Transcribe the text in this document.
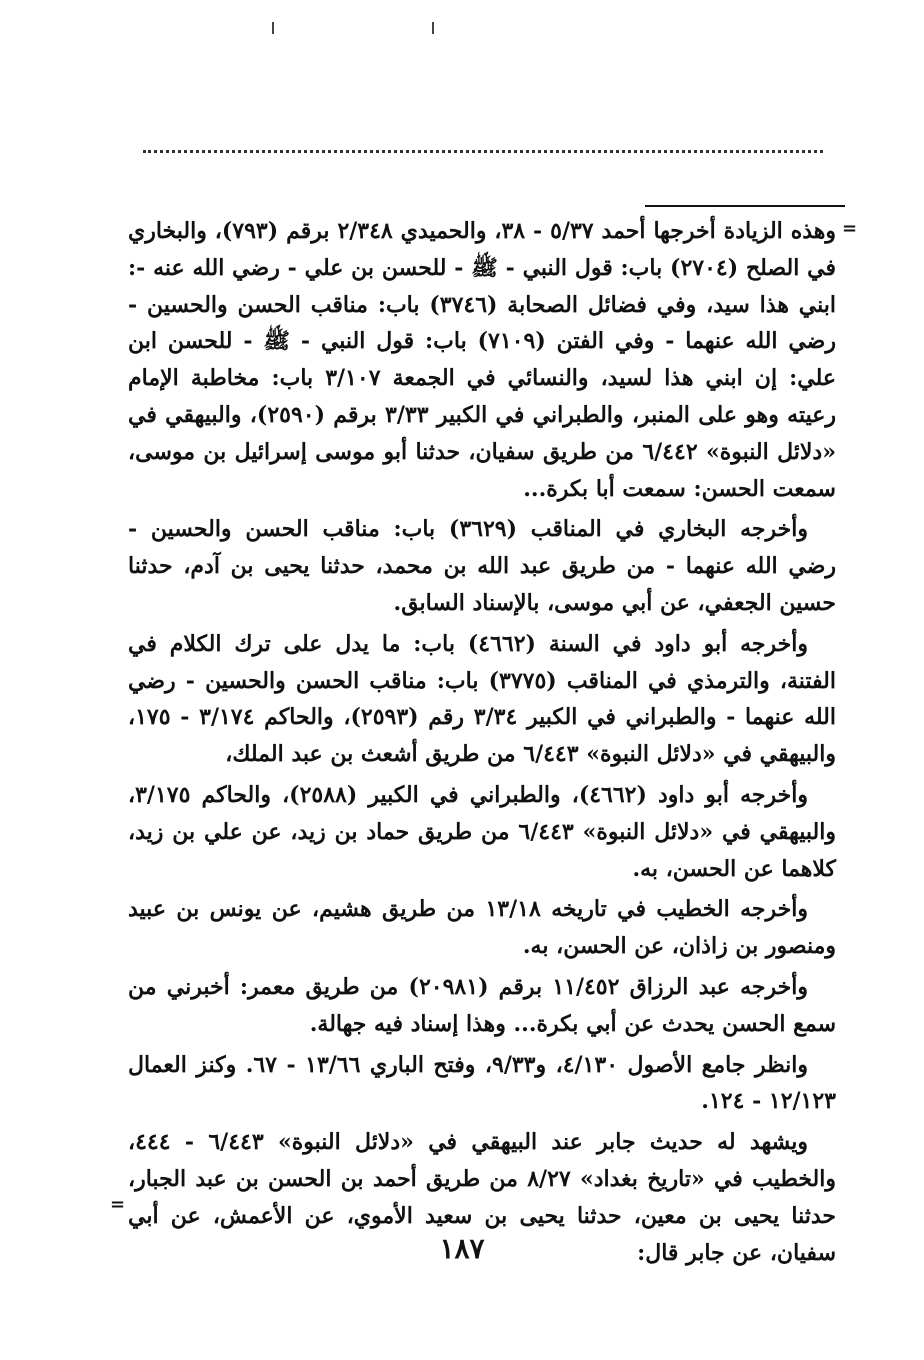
=

وهذه الزيادة أخرجها أحمد ٥/٣٧ - ٣٨، والحميدي ٢/٣٤٨ برقم (٧٩٣)، والبخاري في الصلح (٢٧٠٤) باب: قول النبي - ﷺ - للحسن بن علي - رضي الله عنه -: ابني هذا سيد، وفي فضائل الصحابة (٣٧٤٦) باب: مناقب الحسن والحسين - رضي الله عنهما - وفي الفتن (٧١٠٩) باب: قول النبي - ﷺ - للحسن ابن علي: إن ابني هذا لسيد، والنسائي في الجمعة ٣/١٠٧ باب: مخاطبة الإمام رعيته وهو على المنبر، والطبراني في الكبير ٣/٣٣ برقم (٢٥٩٠)، والبيهقي في «دلائل النبوة» ٦/٤٤٢ من طريق سفيان، حدثنا أبو موسى إسرائيل بن موسى، سمعت الحسن: سمعت أبا بكرة...

وأخرجه البخاري في المناقب (٣٦٢٩) باب: مناقب الحسن والحسين - رضي الله عنهما - من طريق عبد الله بن محمد، حدثنا يحيى بن آدم، حدثنا حسين الجعفي، عن أبي موسى، بالإسناد السابق.

وأخرجه أبو داود في السنة (٤٦٦٢) باب: ما يدل على ترك الكلام في الفتنة، والترمذي في المناقب (٣٧٧٥) باب: مناقب الحسن والحسين - رضي الله عنهما - والطبراني في الكبير ٣/٣٤ رقم (٢٥٩٣)، والحاكم ٣/١٧٤ - ١٧٥، والبيهقي في «دلائل النبوة» ٦/٤٤٣ من طريق أشعث بن عبد الملك،

وأخرجه أبو داود (٤٦٦٢)، والطبراني في الكبير (٢٥٨٨)، والحاكم ٣/١٧٥، والبيهقي في «دلائل النبوة» ٦/٤٤٣ من طريق حماد بن زيد، عن علي بن زيد، كلاهما عن الحسن، به.

وأخرجه الخطيب في تاريخه ١٣/١٨ من طريق هشيم، عن يونس بن عبيد ومنصور بن زاذان، عن الحسن، به.

وأخرجه عبد الرزاق ١١/٤٥٢ برقم (٢٠٩٨١) من طريق معمر: أخبرني من سمع الحسن يحدث عن أبي بكرة... وهذا إسناد فيه جهالة.

وانظر جامع الأصول ٤/١٣٠، و٩/٣٣، وفتح الباري ١٣/٦٦ - ٦٧. وكنز العمال ١٢/١٢٣ - ١٢٤.

ويشهد له حديث جابر عند البيهقي في «دلائل النبوة» ٦/٤٤٣ - ٤٤٤، والخطيب في «تاريخ بغداد» ٨/٢٧ من طريق أحمد بن الحسن بن عبد الجبار، حدثنا يحيى بن معين، حدثنا يحيى بن سعيد الأموي، عن الأعمش، عن أبي سفيان، عن جابر قال:

=
١٨٧
